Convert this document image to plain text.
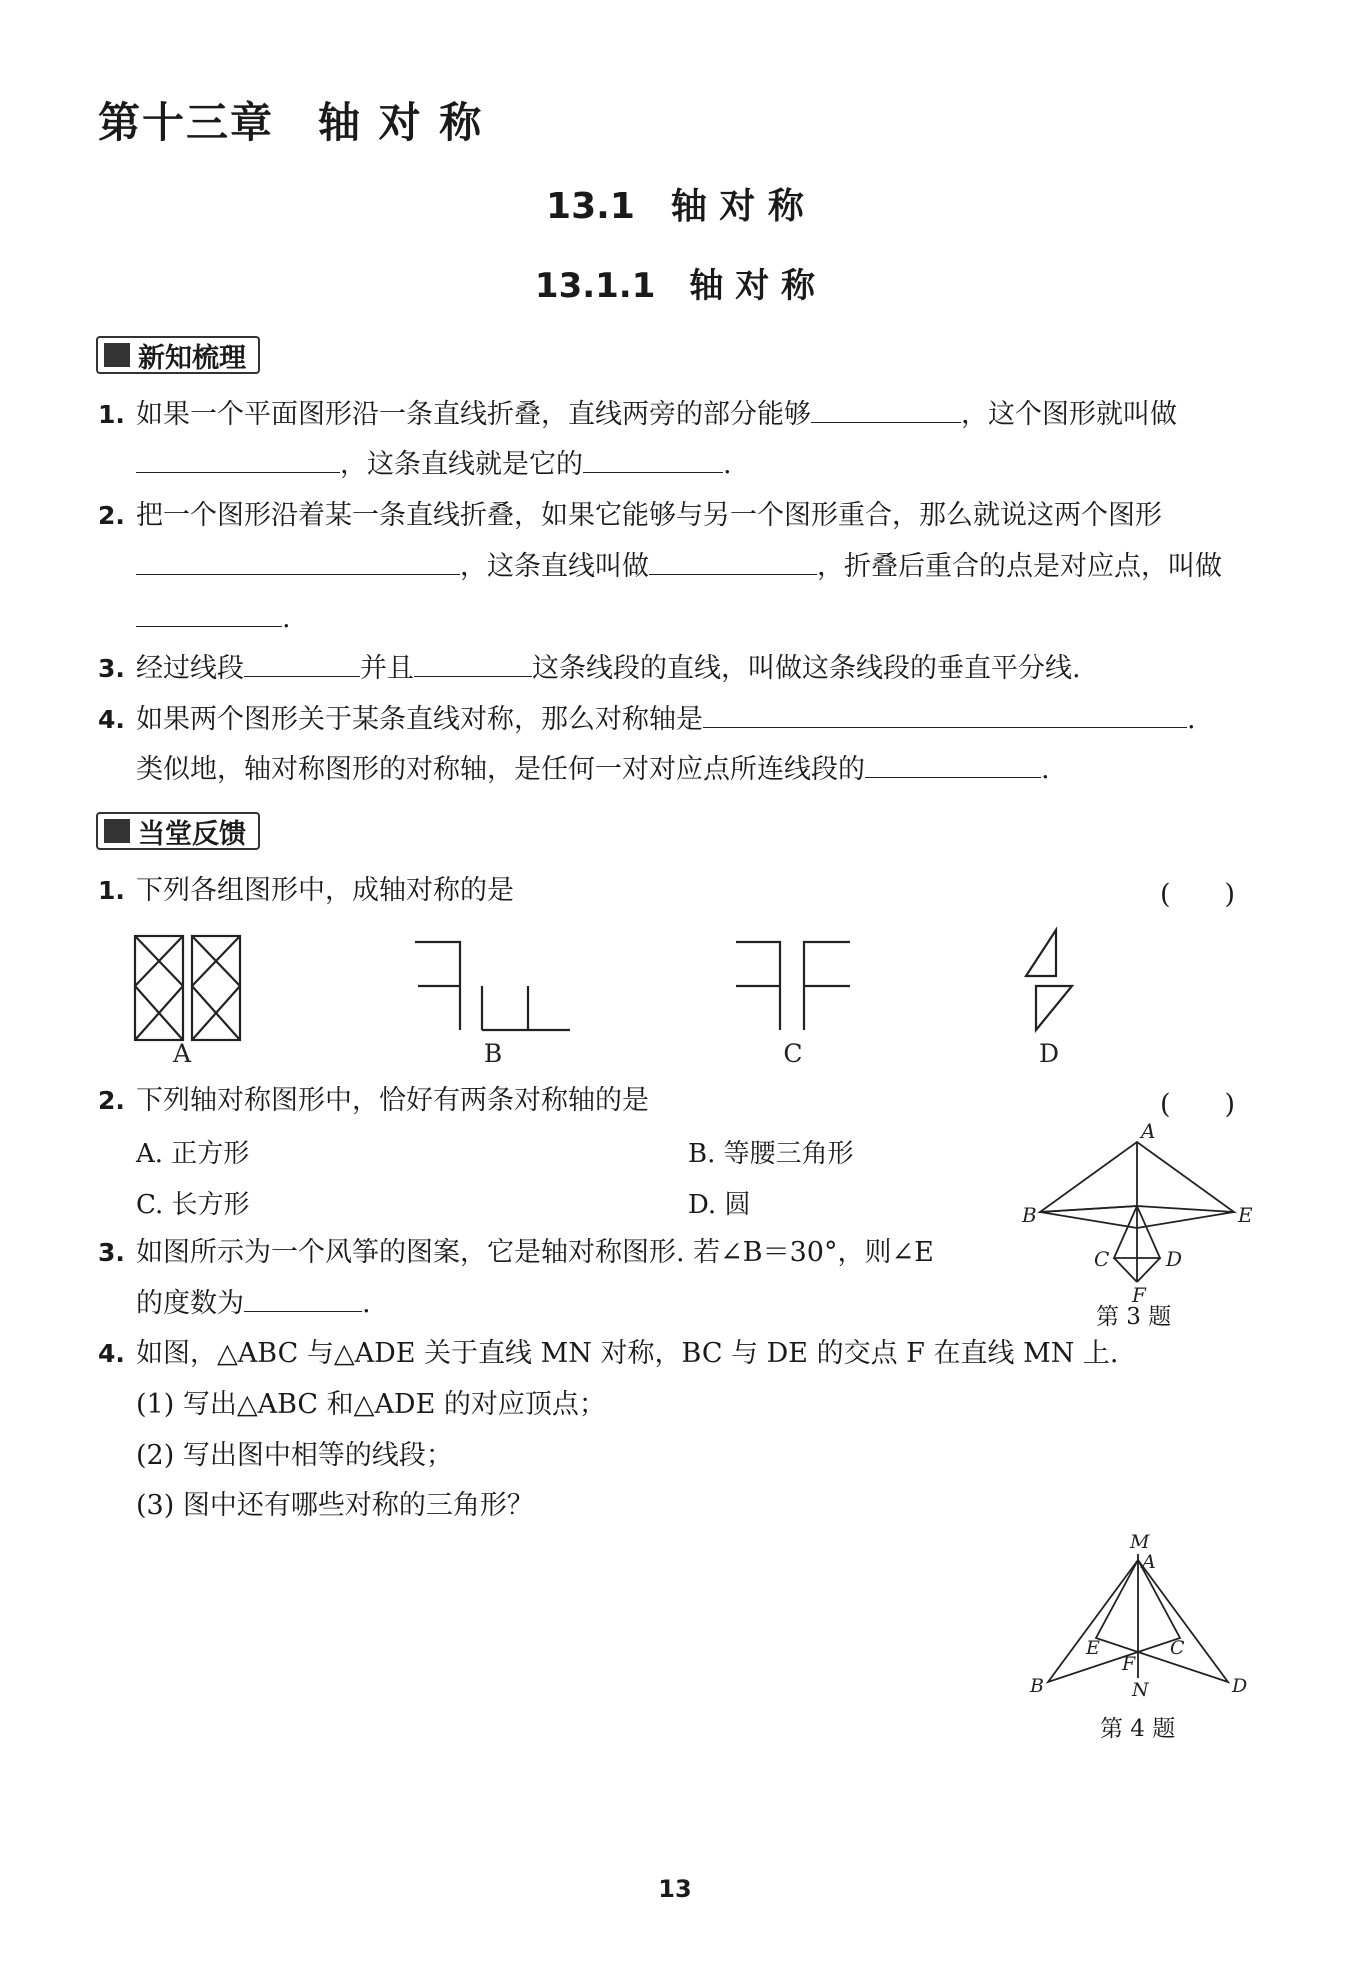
第十三章　轴 对 称
13.1　轴 对 称
13.1.1　轴 对 称
新知梳理
1. 如果一个平面图形沿一条直线折叠，直线两旁的部分能够	，这个图形就叫做
，这条直线就是它的	.
2. 把一个图形沿着某一条直线折叠，如果它能够与另一个图形重合，那么就说这两个图形
，这条直线叫做	，折叠后重合的点是对应点，叫做
.
3. 经过线段	并且	这条线段的直线，叫做这条线段的垂直平分线.
4. 如果两个图形关于某条直线对称，那么对称轴是	.
类似地，轴对称图形的对称轴，是任何一对对应点所连线段的	.
当堂反馈
1. 下列各组图形中，成轴对称的是	(　　)
A	B	C	D
2. 下列轴对称图形中，恰好有两条对称轴的是	(　　)
A. 正方形	B. 等腰三角形
C. 长方形	D. 圆
A
B	E
C	D
F
第 3 题
3. 如图所示为一个风筝的图案，它是轴对称图形. 若∠B＝30°，则∠E
的度数为	.
4. 如图，△ABC 与△ADE 关于直线 MN 对称，BC 与 DE 的交点 F 在直线 MN 上.
(1) 写出△ABC 和△ADE 的对应顶点；
(2) 写出图中相等的线段；
(3) 图中还有哪些对称的三角形？
M
A
E	C
F
N
B	D
第 4 题
13
